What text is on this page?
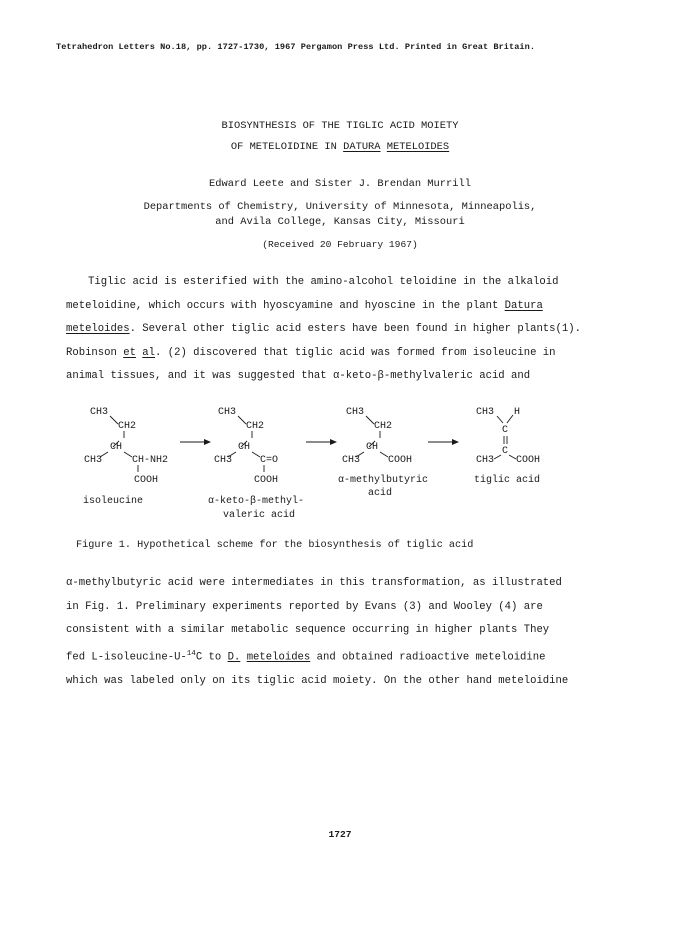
Tetrahedron Letters No.18, pp. 1727-1730, 1967 Pergamon Press Ltd. Printed in Great Britain.
BIOSYNTHESIS OF THE TIGLIC ACID MOIETY
OF METELOIDINE IN DATURA METELOIDES
Edward Leete and Sister J. Brendan Murrill
Departments of Chemistry, University of Minnesota, Minneapolis,
and Avila College, Kansas City, Missouri
(Received 20 February 1967)
Tiglic acid is esterified with the amino-alcohol teloidine in the alkaloid
meteloidine, which occurs with hyoscyamine and hyoscine in the plant Datura
meteloides. Several other tiglic acid esters have been found in higher plants(1).
Robinson et al. (2) discovered that tiglic acid was formed from isoleucine in
animal tissues, and it was suggested that α-keto-β-methylvaleric acid and
CH3
CH2
CH
CH3	CH-NH2
COOH
isoleucine
CH3
CH2
CH
CH3	C=O
COOH
α-keto-β-methyl-
valeric acid
CH3
CH2
CH
CH3	COOH
α-methylbutyric
acid
CH3 H
C
C
CH3 COOH
tiglic acid
Figure 1. Hypothetical scheme for the biosynthesis of tiglic acid
α-methylbutyric acid were intermediates in this transformation, as illustrated
in Fig. 1. Preliminary experiments reported by Evans (3) and Wooley (4) are
consistent with a similar metabolic sequence occurring in higher plants They
fed L-isoleucine-U-$^{14}$C to D. meteloides and obtained radioactive meteloidine
which was labeled only on its tiglic acid moiety. On the other hand meteloidine
1727
